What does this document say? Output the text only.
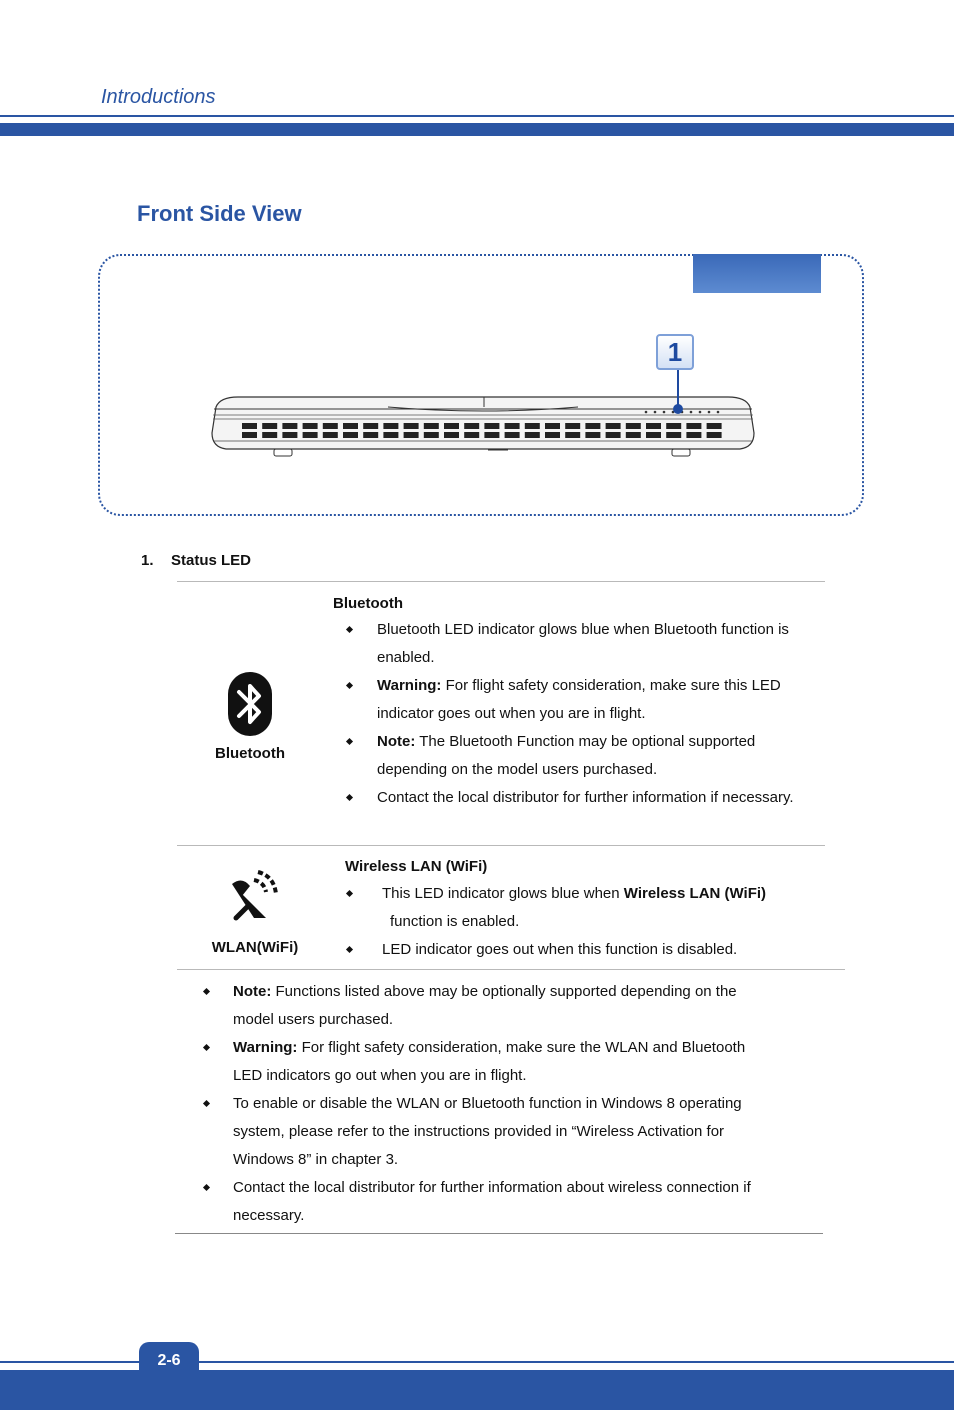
Introductions
Front Side View
1
1. Status LED
Bluetooth
Bluetooth
Bluetooth LED indicator glows blue when Bluetooth function is enabled.
Warning: For flight safety consideration, make sure this LED indicator goes out when you are in flight.
Note: The Bluetooth Function may be optional supported depending on the model users purchased.
Contact the local distributor for further information if necessary.
WLAN(WiFi)
Wireless LAN (WiFi)
This LED indicator glows blue when Wireless LAN (WiFi)
function is enabled.
LED indicator goes out when this function is disabled.
Note: Functions listed above may be optionally supported depending on the model users purchased.
Warning: For flight safety consideration, make sure the WLAN and Bluetooth LED indicators go out when you are in flight.
To enable or disable the WLAN or Bluetooth function in Windows 8 operating system, please refer to the instructions provided in “Wireless Activation for Windows 8” in chapter 3.
Contact the local distributor for further information about wireless connection if necessary.
2-6
